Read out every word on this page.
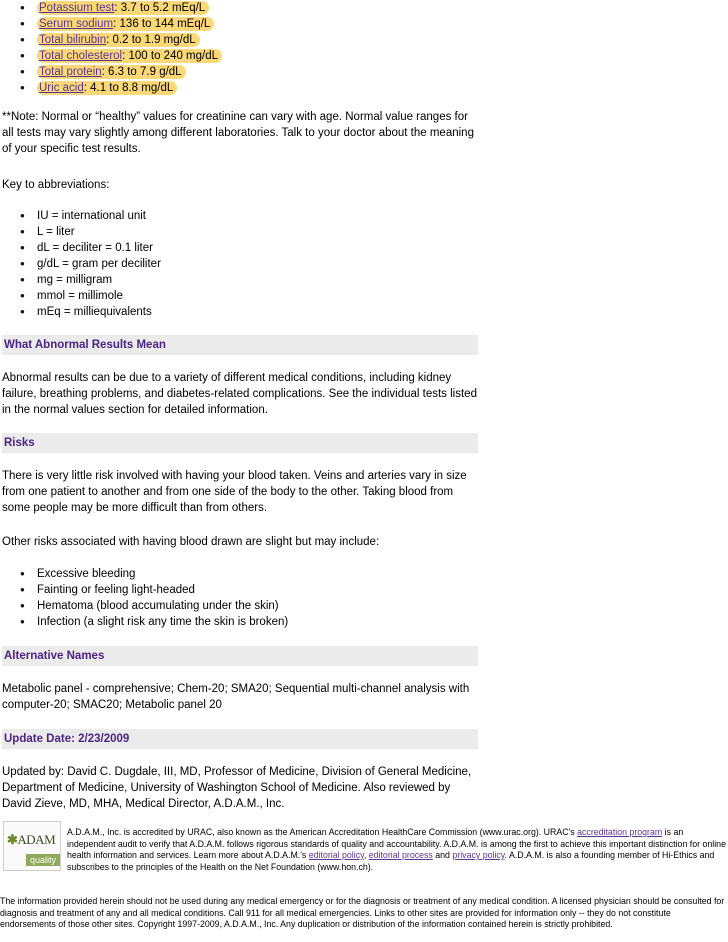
● Potassium test: 3.7 to 5.2 mEq/L
● Serum sodium: 136 to 144 mEq/L
● Total bilirubin: 0.2 to 1.9 mg/dL
● Total cholesterol: 100 to 240 mg/dL
● Total protein: 6.3 to 7.9 g/dL
● Uric acid: 4.1 to 8.8 mg/dL

**Note: Normal or “healthy” values for creatinine can vary with age. Normal value ranges for all tests may vary slightly among different laboratories. Talk to your doctor about the meaning of your specific test results.

Key to abbreviations:

● IU = international unit
● L = liter
● dL = deciliter = 0.1 liter
● g/dL = gram per deciliter
● mg = milligram
● mmol = millimole
● mEq = milliequivalents
What Abnormal Results Mean

Abnormal results can be due to a variety of different medical conditions, including kidney failure, breathing problems, and diabetes-related complications. See the individual tests listed in the normal values section for detailed information.

Risks

There is very little risk involved with having your blood taken. Veins and arteries vary in size from one patient to another and from one side of the body to the other. Taking blood from some people may be more difficult than from others.

Other risks associated with having blood drawn are slight but may include:

● Excessive bleeding
● Fainting or feeling light-headed
● Hematoma (blood accumulating under the skin)
● Infection (a slight risk any time the skin is broken)
Alternative Names

Metabolic panel - comprehensive; Chem-20; SMA20; Sequential multi-channel analysis with computer-20; SMAC20; Metabolic panel 20

Update Date: 2/23/2009

Updated by: David C. Dugdale, III, MD, Professor of Medicine, Division of General Medicine, Department of Medicine, University of Washington School of Medicine. Also reviewed by David Zieve, MD, MHA, Medical Director, A.D.A.M., Inc.

✱ADAM
quality
A.D.A.M., Inc. is accredited by URAC, also known as the American Accreditation HealthCare Commission (www.urac.org). URAC's accreditation program is an independent audit to verify that A.D.A.M. follows rigorous standards of quality and accountability. A.D.A.M. is among the first to achieve this important distinction for online health information and services. Learn more about A.D.A.M.'s editorial policy, editorial process and privacy policy. A.D.A.M. is also a founding member of Hi-Ethics and subscribes to the principles of the Health on the Net Foundation (www.hon.ch).
The information provided herein should not be used during any medical emergency or for the diagnosis or treatment of any medical condition. A licensed physician should be consulted for diagnosis and treatment of any and all medical conditions. Call 911 for all medical emergencies. Links to other sites are provided for information only -- they do not constitute endorsements of those other sites. Copyright 1997-2009, A.D.A.M., Inc. Any duplication or distribution of the information contained herein is strictly prohibited.
